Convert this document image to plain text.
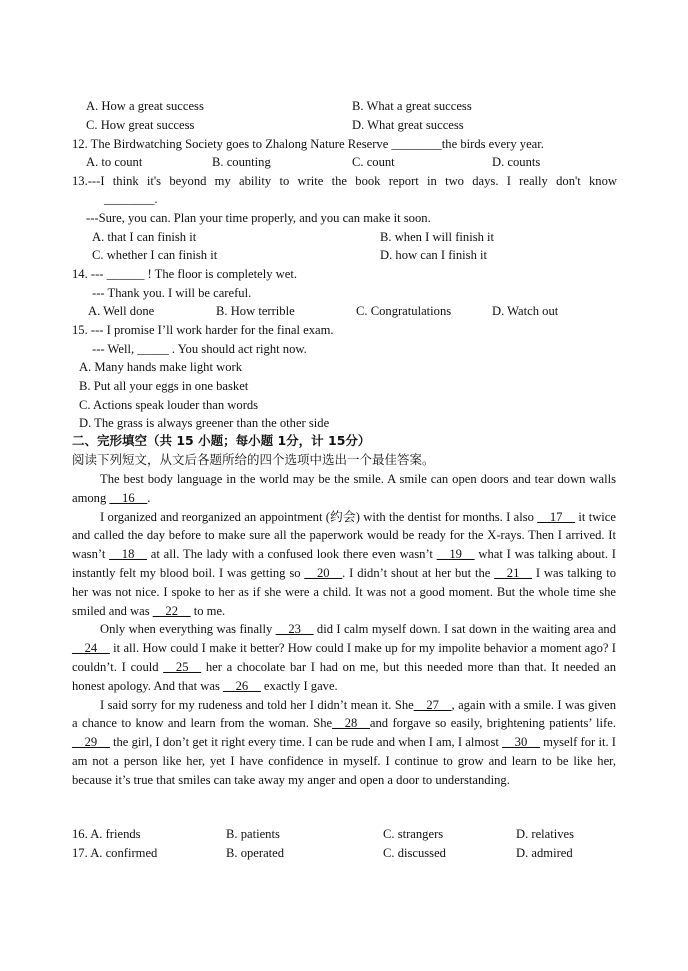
A. How a great success	B. What a great success
C. How great success	D. What great success
12. The Birdwatching Society goes to Zhalong Nature Reserve ________the birds every year.
A. to count	B. counting	C. count	D. counts
13.---I think it's beyond my ability to write the book report in two days. I really don't know
________.
---Sure, you can. Plan your time properly, and you can make it soon.
A. that I can finish it	B. when I will finish it
C. whether I can finish it	D. how can I finish it
14. --- ______ ! The floor is completely wet.
--- Thank you. I will be careful.
A. Well done	B. How terrible	C. Congratulations	D. Watch out
15. --- I promise I’ll work harder for the final exam.
--- Well, _____ . You should act right now.
A. Many hands make light work
B. Put all your eggs in one basket
C. Actions speak louder than words
D. The grass is always greener than the other side
二、完形填空（共 15 小题；每小题 1分，计 15分）
阅读下列短文，从文后各题所给的四个选项中选出一个最佳答案。

The best body language in the world may be the smile. A smile can open doors and tear down walls among __16__.

I organized and reorganized an appointment (约会) with the dentist for months. I also __17__ it twice and called the day before to make sure all the paperwork would be ready for the X-rays. Then I arrived. It wasn’t __18__ at all. The lady with a confused look there even wasn’t __19__ what I was talking about. I instantly felt my blood boil. I was getting so __20__. I didn’t shout at her but the __21__ I was talking to her was not nice. I spoke to her as if she were a child. It was not a good moment. But the whole time she smiled and was __22__ to me.

Only when everything was finally __23__ did I calm myself down. I sat down in the waiting area and __24__ it all. How could I make it better? How could I make up for my impolite behavior a moment ago? I couldn’t. I could __25__ her a chocolate bar I had on me, but this needed more than that. It needed an honest apology. And that was __26__ exactly I gave.

I said sorry for my rudeness and told her I didn’t mean it. She__27__, again with a smile. I was given a chance to know and learn from the woman. She__28__and forgave so easily, brightening patients’ life. __29__ the girl, I don’t get it right every time. I can be rude and when I am, I almost __30__ myself for it. I am not a person like her, yet I have confidence in myself. I continue to grow and learn to be like her, because it’s true that smiles can take away my anger and open a door to understanding.

16. A. friends	B. patients	C. strangers	D. relatives
17. A. confirmed	B. operated	C. discussed	D. admired
